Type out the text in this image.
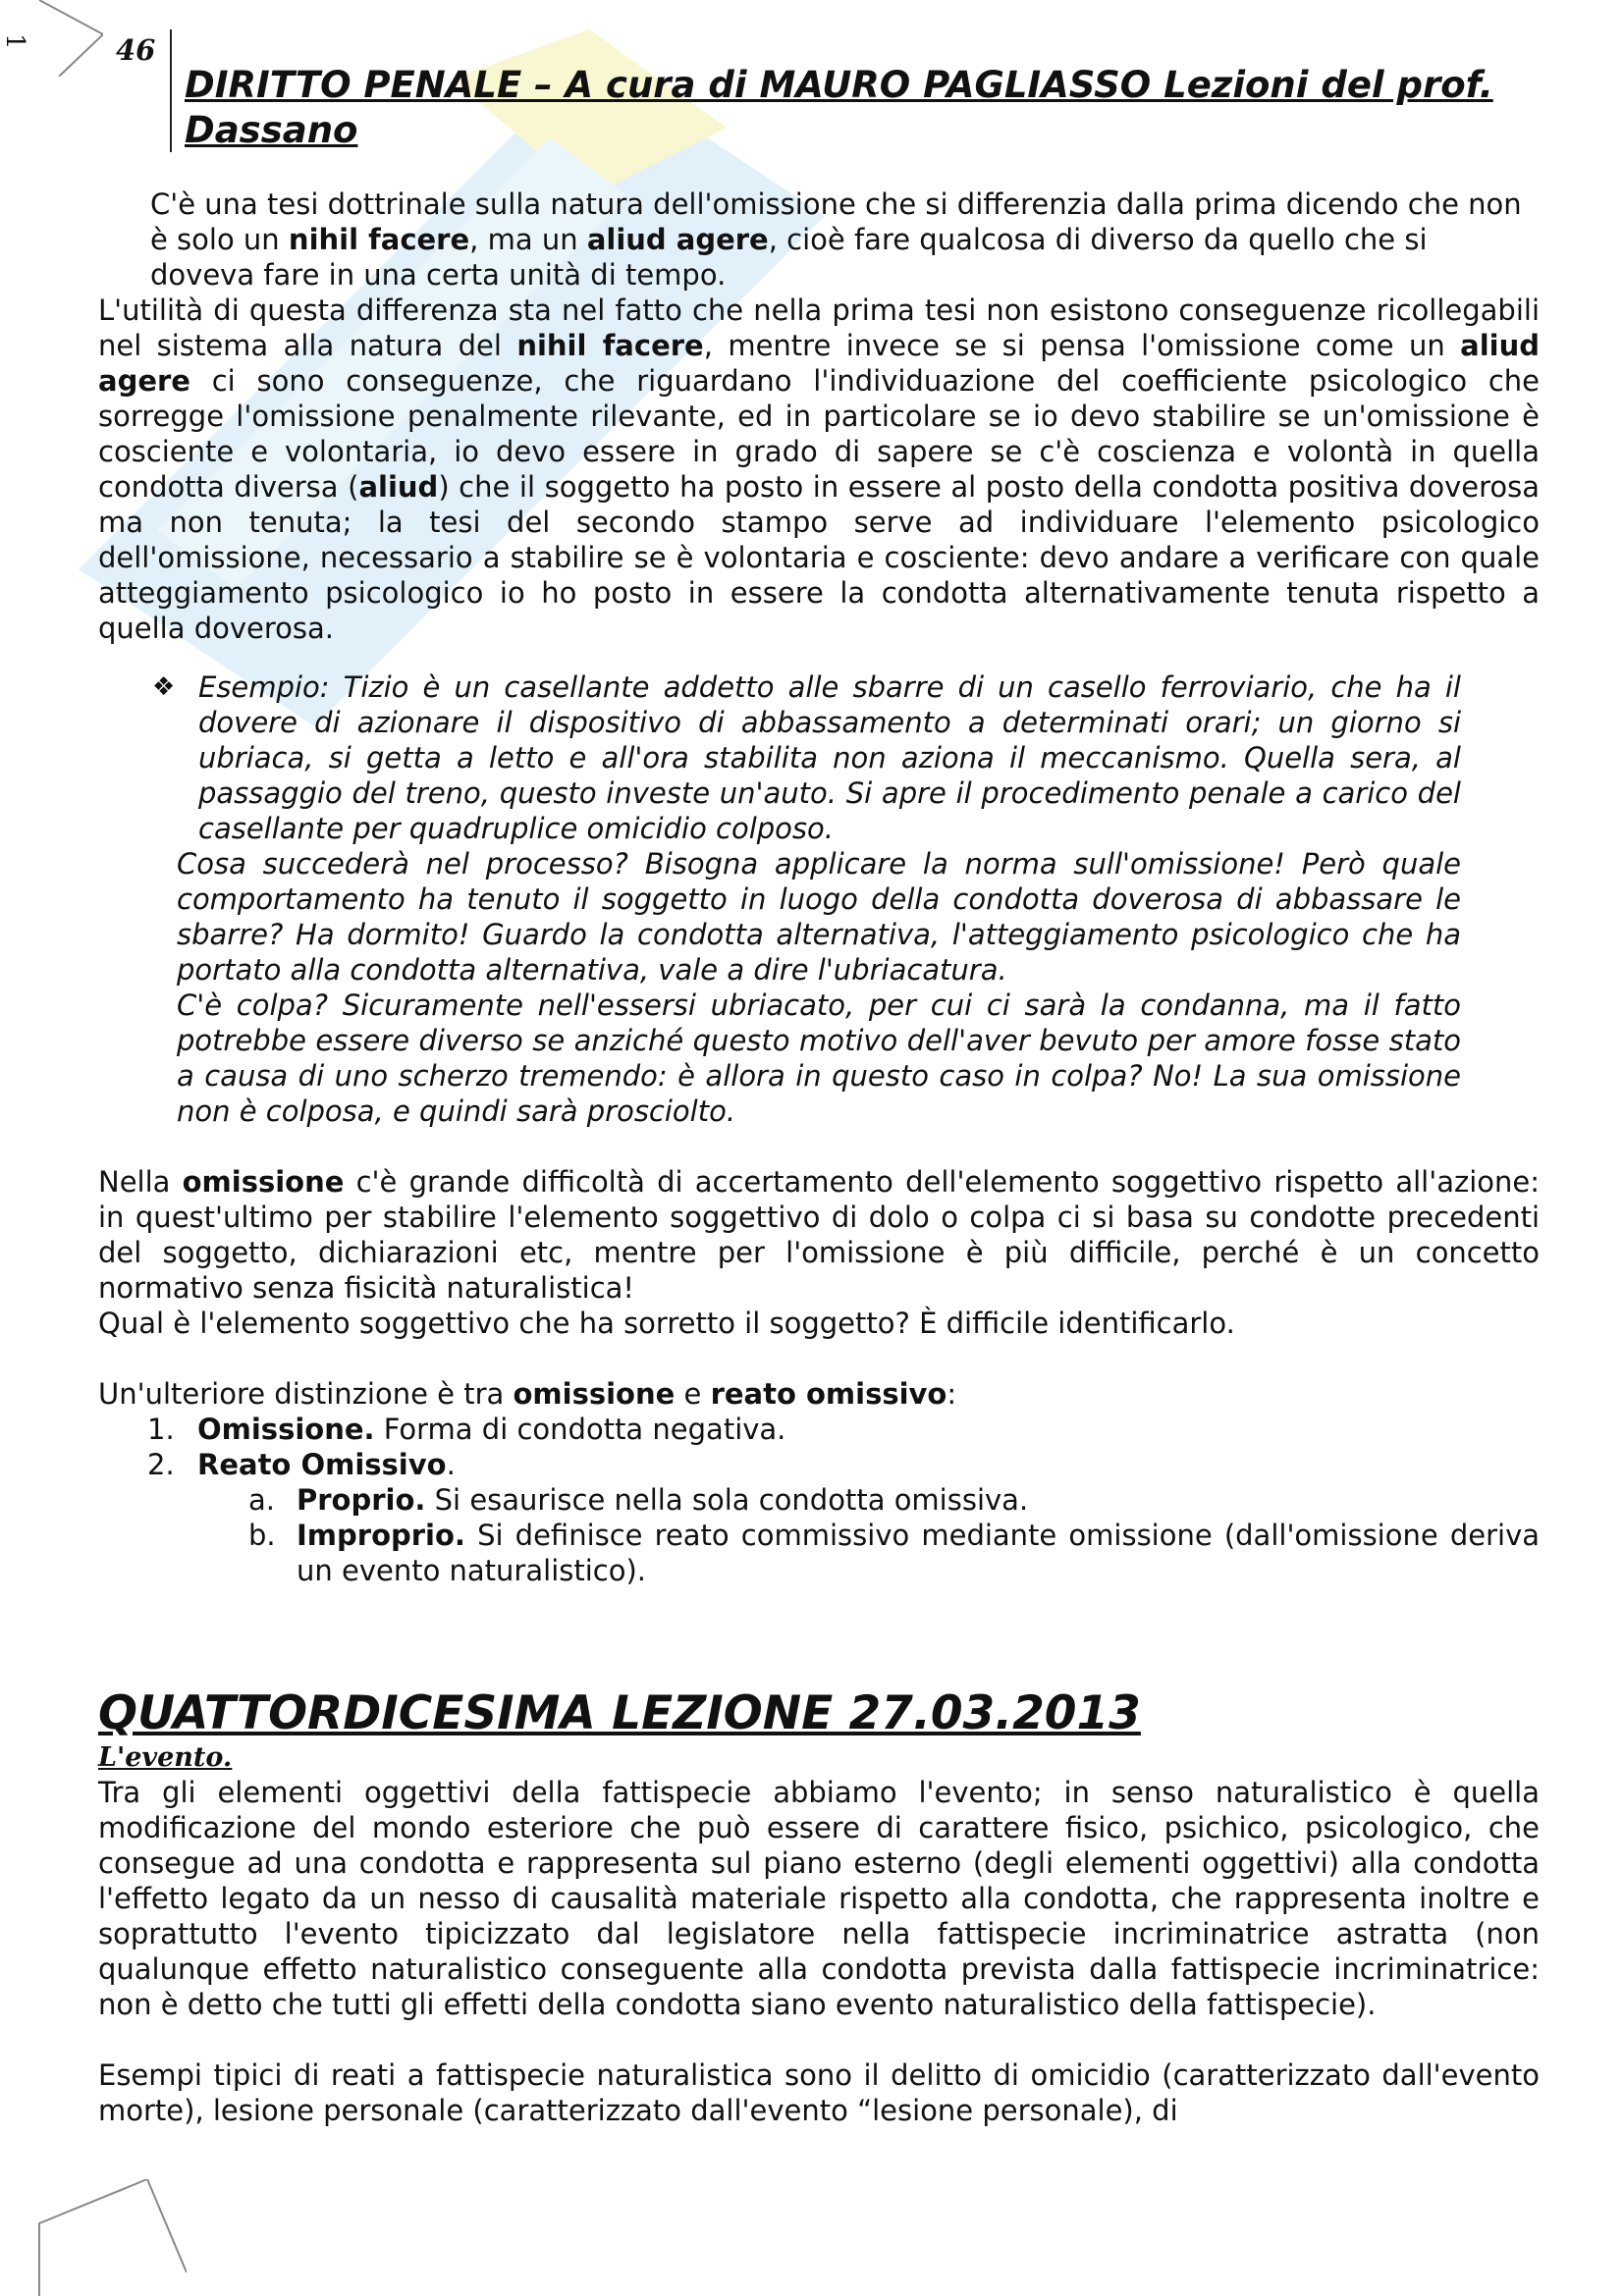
1	46
DIRITTO PENALE – A cura di MAURO PAGLIASSO Lezioni del prof. Dassano

C'è una tesi dottrinale sulla natura dell'omissione che si differenzia dalla prima dicendo che non è solo un nihil facere, ma un aliud agere, cioè fare qualcosa di diverso da quello che si doveva fare in una certa unità di tempo.

L'utilità di questa differenza sta nel fatto che nella prima tesi non esistono conseguenze ricollegabili nel sistema alla natura del nihil facere, mentre invece se si pensa l'omissione come un aliud agere ci sono conseguenze, che riguardano l'individuazione del coefficiente psicologico che sorregge l'omissione penalmente rilevante, ed in particolare se io devo stabilire se un'omissione è cosciente e volontaria, io devo essere in grado di sapere se c'è coscienza e volontà in quella condotta diversa (aliud) che il soggetto ha posto in essere al posto della condotta positiva doverosa ma non tenuta; la tesi del secondo stampo serve ad individuare l'elemento psicologico dell'omissione, necessario a stabilire se è volontaria e cosciente: devo andare a verificare con quale atteggiamento psicologico io ho posto in essere la condotta alternativamente tenuta rispetto a quella doverosa.

❖ Esempio: Tizio è un casellante addetto alle sbarre di un casello ferroviario, che ha il dovere di azionare il dispositivo di abbassamento a determinati orari; un giorno si ubriaca, si getta a letto e all'ora stabilita non aziona il meccanismo. Quella sera, al passaggio del treno, questo investe un'auto. Si apre il procedimento penale a carico del casellante per quadruplice omicidio colposo.

Cosa succederà nel processo? Bisogna applicare la norma sull'omissione! Però quale comportamento ha tenuto il soggetto in luogo della condotta doverosa di abbassare le sbarre? Ha dormito! Guardo la condotta alternativa, l'atteggiamento psicologico che ha portato alla condotta alternativa, vale a dire l'ubriacatura.

C'è colpa? Sicuramente nell'essersi ubriacato, per cui ci sarà la condanna, ma il fatto potrebbe essere diverso se anziché questo motivo dell'aver bevuto per amore fosse stato a causa di uno scherzo tremendo: è allora in questo caso in colpa? No! La sua omissione non è colposa, e quindi sarà prosciolto.

Nella omissione c'è grande difficoltà di accertamento dell'elemento soggettivo rispetto all'azione: in quest'ultimo per stabilire l'elemento soggettivo di dolo o colpa ci si basa su condotte precedenti del soggetto, dichiarazioni etc, mentre per l'omissione è più difficile, perché è un concetto normativo senza fisicità naturalistica!

Qual è l'elemento soggettivo che ha sorretto il soggetto? È difficile identificarlo.

Un'ulteriore distinzione è tra omissione e reato omissivo:

1. Omissione. Forma di condotta negativa.
2. Reato Omissivo.
a. Proprio. Si esaurisce nella sola condotta omissiva.
b. Improprio. Si definisce reato commissivo mediante omissione (dall'omissione deriva un evento naturalistico).
QUATTORDICESIMA LEZIONE 27.03.2013
L'evento.

Tra gli elementi oggettivi della fattispecie abbiamo l'evento; in senso naturalistico è quella modificazione del mondo esteriore che può essere di carattere fisico, psichico, psicologico, che consegue ad una condotta e rappresenta sul piano esterno (degli elementi oggettivi) alla condotta l'effetto legato da un nesso di causalità materiale rispetto alla condotta, che rappresenta inoltre e soprattutto l'evento tipicizzato dal legislatore nella fattispecie incriminatrice astratta (non qualunque effetto naturalistico conseguente alla condotta prevista dalla fattispecie incriminatrice: non è detto che tutti gli effetti della condotta siano evento naturalistico della fattispecie).

Esempi tipici di reati a fattispecie naturalistica sono il delitto di omicidio (caratterizzato dall'evento morte), lesione personale (caratterizzato dall'evento “lesione personale), di
